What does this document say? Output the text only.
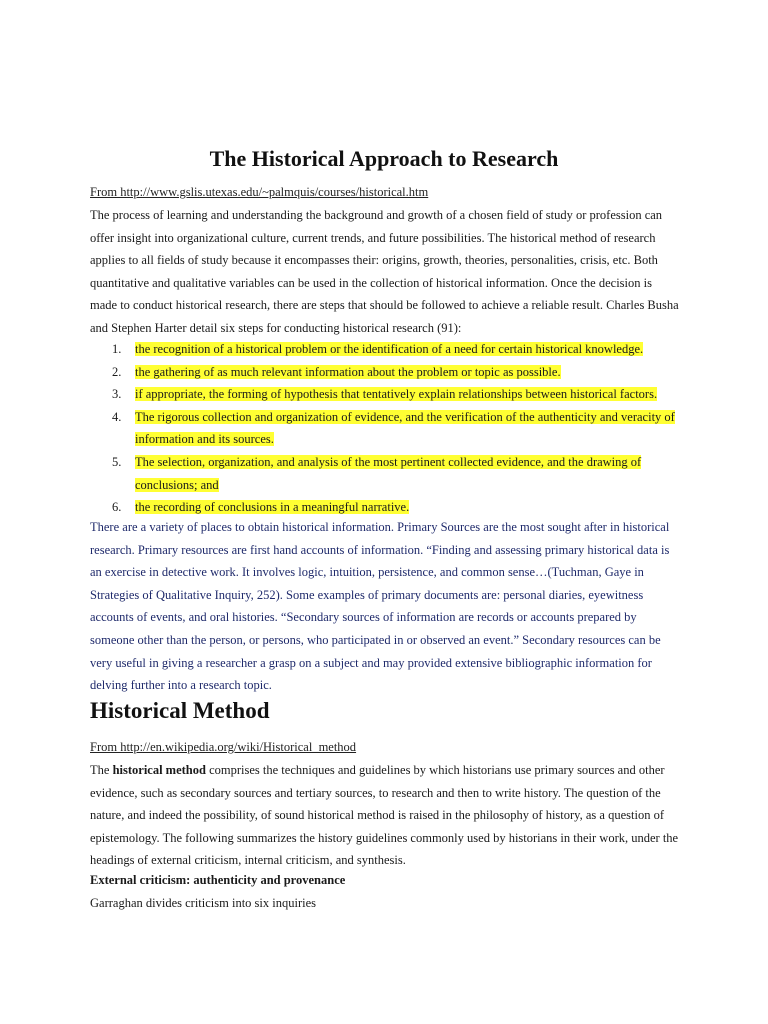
The Historical Approach to Research

From http://www.gslis.utexas.edu/~palmquis/courses/historical.htm

The process of learning and understanding the background and growth of a chosen field of study or profession can offer insight into organizational culture, current trends, and future possibilities. The historical method of research applies to all fields of study because it encompasses their: origins, growth, theories, personalities, crisis, etc. Both quantitative and qualitative variables can be used in the collection of historical information. Once the decision is made to conduct historical research, there are steps that should be followed to achieve a reliable result. Charles Busha and Stephen Harter detail six steps for conducting historical research (91):

1. the recognition of a historical problem or the identification of a need for certain historical knowledge.
2. the gathering of as much relevant information about the problem or topic as possible.
3. if appropriate, the forming of hypothesis that tentatively explain relationships between historical factors.
4. The rigorous collection and organization of evidence, and the verification of the authenticity and veracity of information and its sources.
5. The selection, organization, and analysis of the most pertinent collected evidence, and the drawing of conclusions; and
6. the recording of conclusions in a meaningful narrative.

There are a variety of places to obtain historical information. Primary Sources are the most sought after in historical research. Primary resources are first hand accounts of information. “Finding and assessing primary historical data is an exercise in detective work. It involves logic, intuition, persistence, and common sense…(Tuchman, Gaye in Strategies of Qualitative Inquiry, 252). Some examples of primary documents are: personal diaries, eyewitness accounts of events, and oral histories. “Secondary sources of information are records or accounts prepared by someone other than the person, or persons, who participated in or observed an event.” Secondary resources can be very useful in giving a researcher a grasp on a subject and may provided extensive bibliographic information for delving further into a research topic.

Historical Method

From http://en.wikipedia.org/wiki/Historical_method

The historical method comprises the techniques and guidelines by which historians use primary sources and other evidence, such as secondary sources and tertiary sources, to research and then to write history. The question of the nature, and indeed the possibility, of sound historical method is raised in the philosophy of history, as a question of epistemology. The following summarizes the history guidelines commonly used by historians in their work, under the headings of external criticism, internal criticism, and synthesis.

External criticism: authenticity and provenance

Garraghan divides criticism into six inquiries
